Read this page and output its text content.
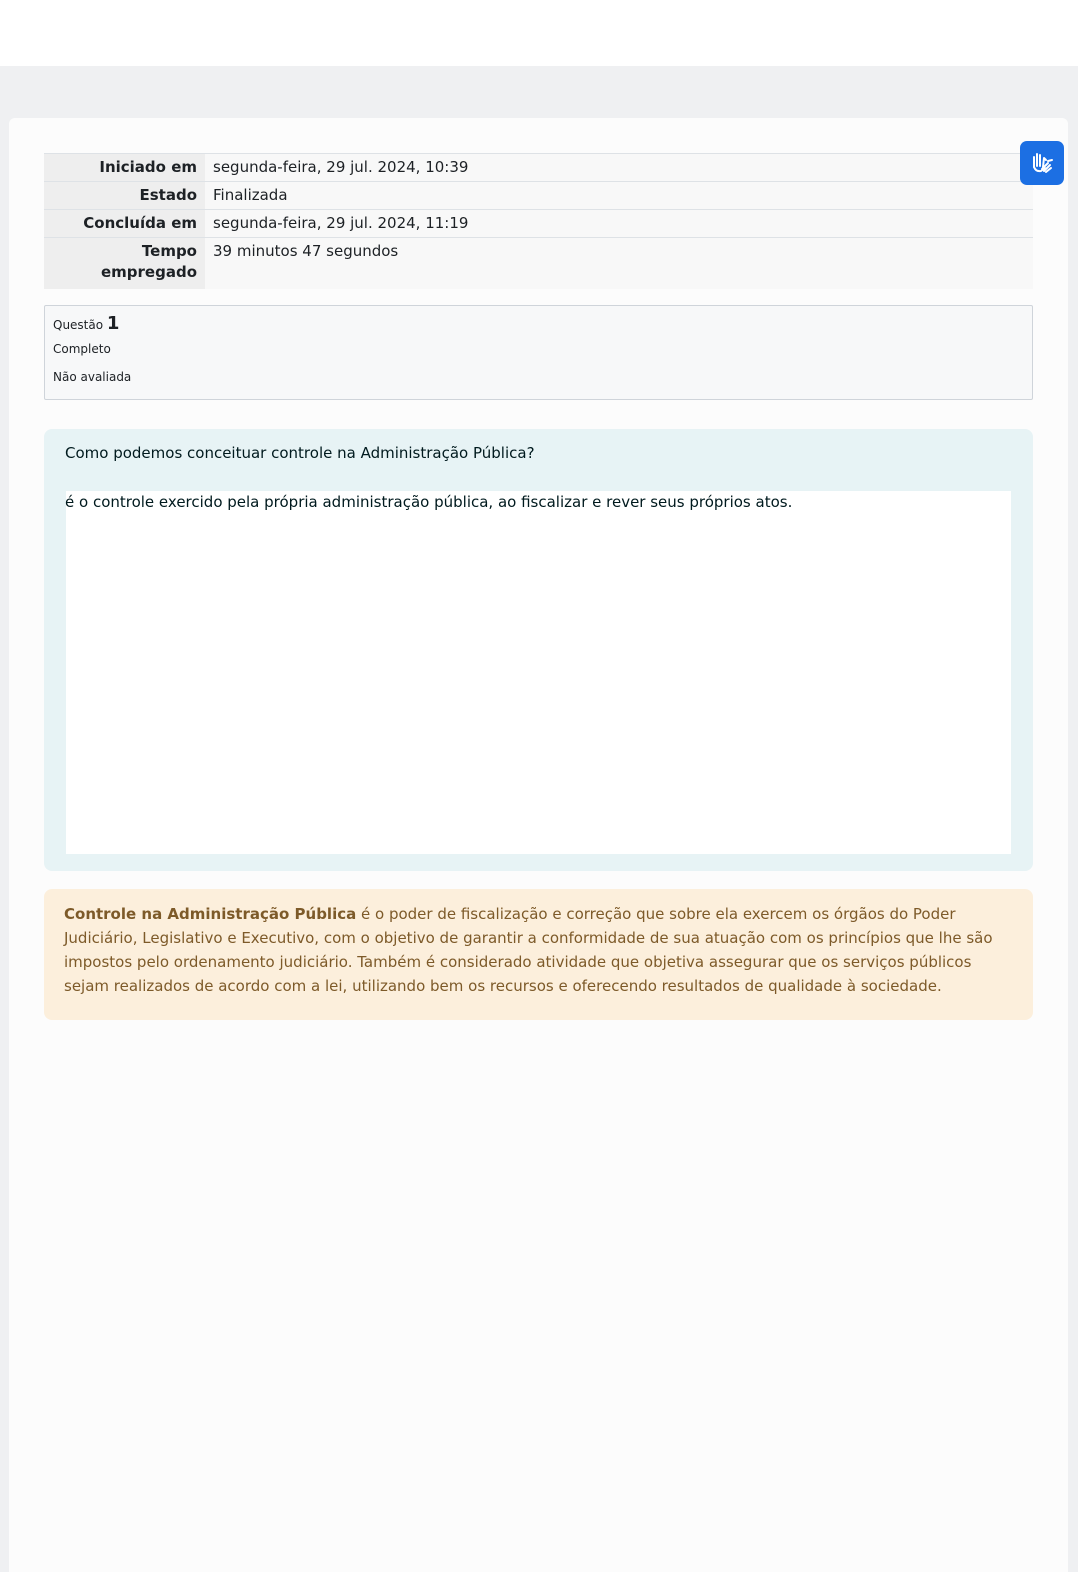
Iniciado em	segunda-feira, 29 jul. 2024, 10:39
Estado	Finalizada
Concluída em	segunda-feira, 29 jul. 2024, 11:19
Tempo empregado	39 minutos 47 segundos
Questão 1
Completo
Não avaliada
Como podemos conceituar controle na Administração Pública?
é o controle exercido pela própria administração pública, ao fiscalizar e rever seus próprios atos.
Controle na Administração Pública é o poder de fiscalização e correção que sobre ela exercem os órgãos do Poder Judiciário, Legislativo e Executivo, com o objetivo de garantir a conformidade de sua atuação com os princípios que lhe são impostos pelo ordenamento judiciário. Também é considerado atividade que objetiva assegurar que os serviços públicos sejam realizados de acordo com a lei, utilizando bem os recursos e oferecendo resultados de qualidade à sociedade.
